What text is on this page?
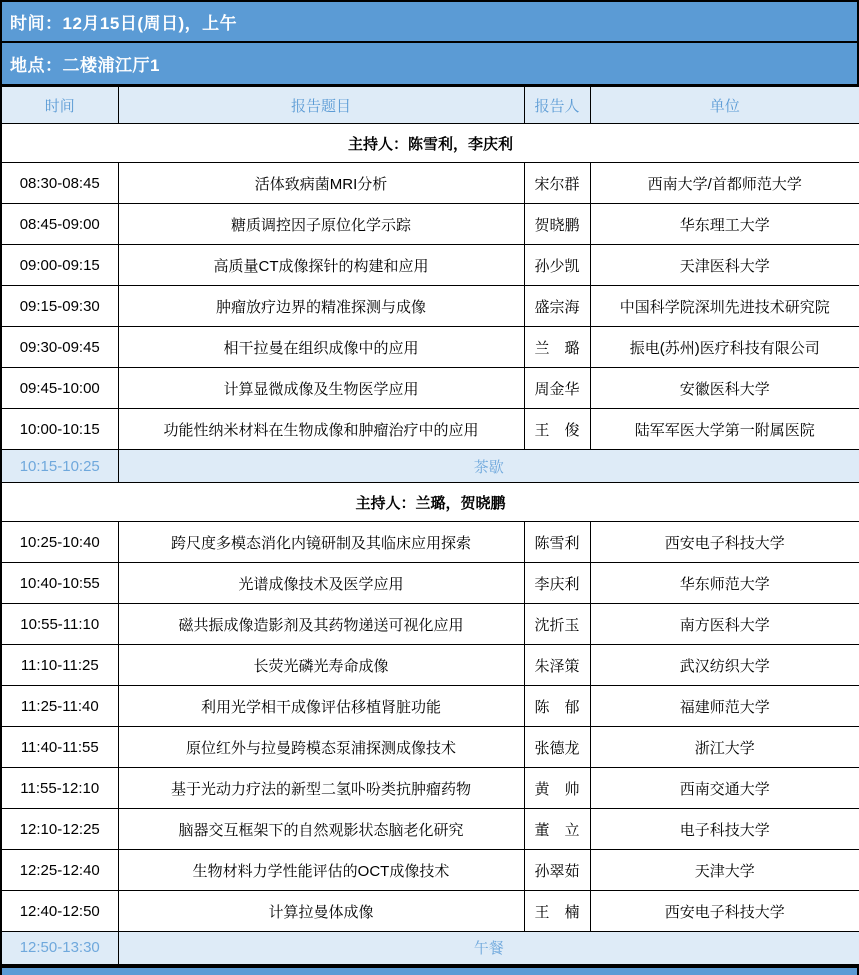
时间：12月15日(周日)，上午
地点：二楼浦江厅1
时间	报告题目	报告人	单位
主持人：陈雪利，李庆利			
08:30-08:45	活体致病菌MRI分析	宋尔群	西南大学/首都师范大学
08:45-09:00	糖质调控因子原位化学示踪	贺晓鹏	华东理工大学
09:00-09:15	高质量CT成像探针的构建和应用	孙少凯	天津医科大学
09:15-09:30	肿瘤放疗边界的精准探测与成像	盛宗海	中国科学院深圳先进技术研究院
09:30-09:45	相干拉曼在组织成像中的应用	兰　璐	振电(苏州)医疗科技有限公司
09:45-10:00	计算显微成像及生物医学应用	周金华	安徽医科大学
10:00-10:15	功能性纳米材料在生物成像和肿瘤治疗中的应用	王　俊	陆军军医大学第一附属医院
10:15-10:25	茶歇		
主持人：兰璐，贺晓鹏			
10:25-10:40	跨尺度多模态消化内镜研制及其临床应用探索	陈雪利	西安电子科技大学
10:40-10:55	光谱成像技术及医学应用	李庆利	华东师范大学
10:55-11:10	磁共振成像造影剂及其药物递送可视化应用	沈折玉	南方医科大学
11:10-11:25	长荧光磷光寿命成像	朱泽策	武汉纺织大学
11:25-11:40	利用光学相干成像评估移植肾脏功能	陈　郁	福建师范大学
11:40-11:55	原位红外与拉曼跨模态泵浦探测成像技术	张德龙	浙江大学
11:55-12:10	基于光动力疗法的新型二氢卟吩类抗肿瘤药物	黄　帅	西南交通大学
12:10-12:25	脑器交互框架下的自然观影状态脑老化研究	董　立	电子科技大学
12:25-12:40	生物材料力学性能评估的OCT成像技术	孙翠茹	天津大学
12:40-12:50	计算拉曼体成像	王　楠	西安电子科技大学
12:50-13:30	午餐		
